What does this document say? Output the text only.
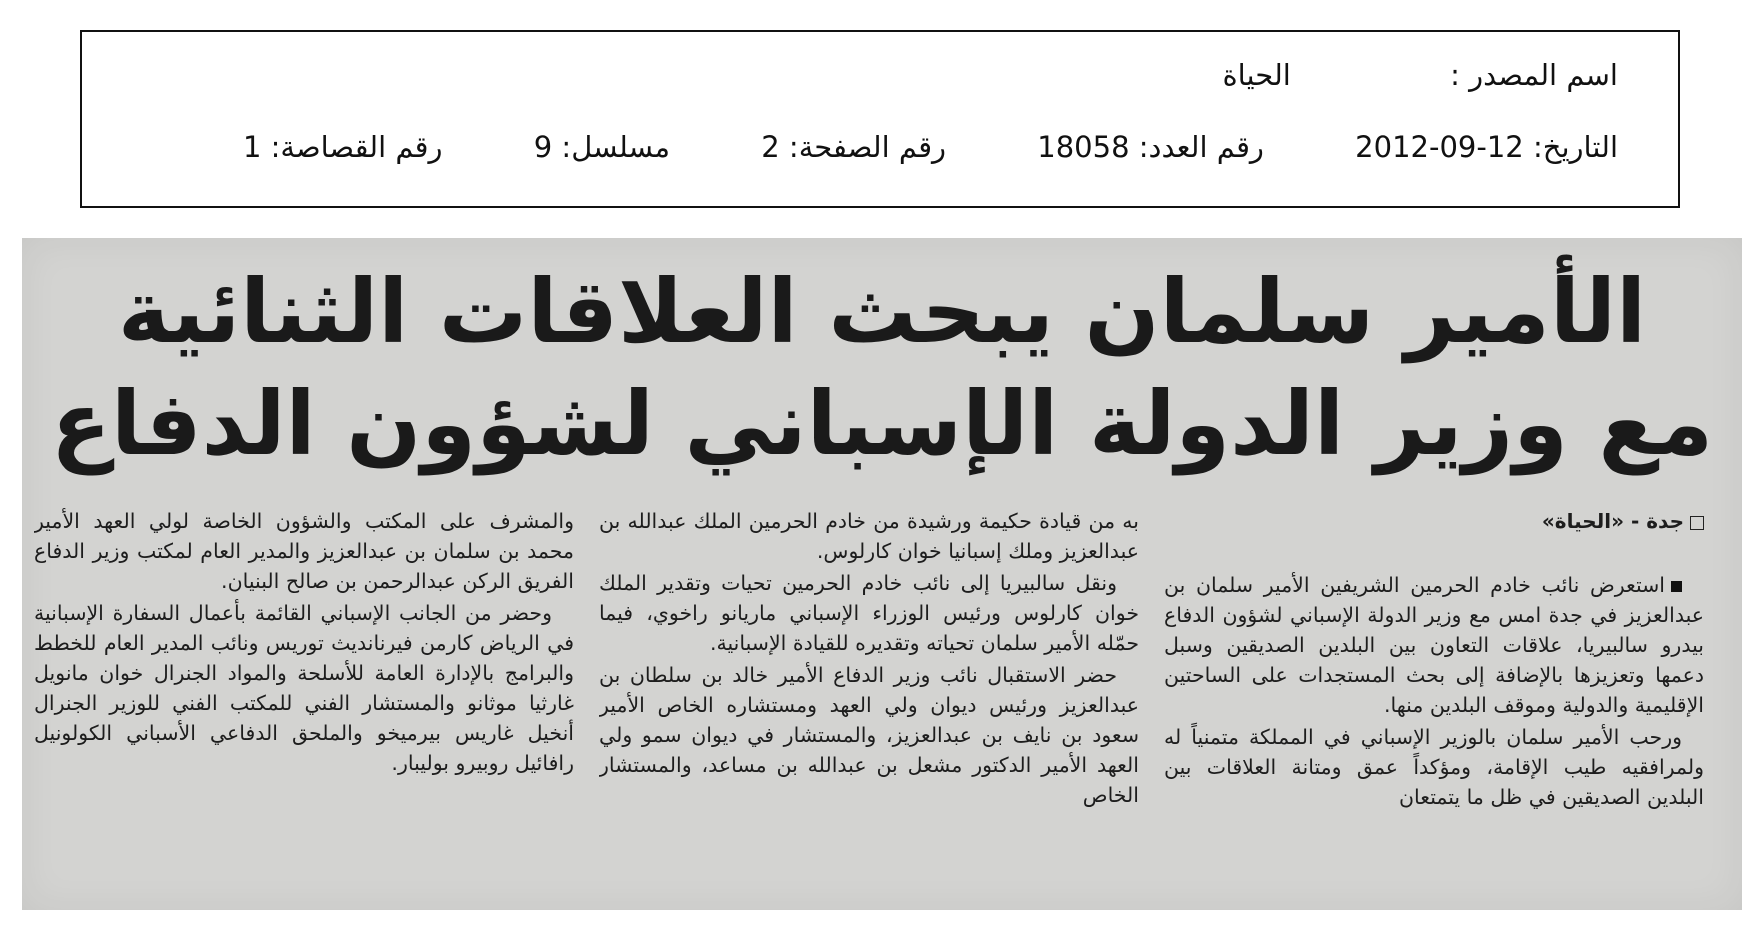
اسم المصدر : الحياة
التاريخ: 12-09-2012 رقم العدد: 18058 رقم الصفحة: 2 مسلسل: 9 رقم القصاصة: 1
الأمير سلمان يبحث العلاقات الثنائية
مع وزير الدولة الإسباني لشؤون الدفاع
جدة - «الحياة»

استعرض نائب خادم الحرمين الشريفين الأمير سلمان بن عبدالعزيز في جدة امس مع وزير الدولة الإسباني لشؤون الدفاع بيدرو سالبيريا، علاقات التعاون بين البلدين الصديقين وسبل دعمها وتعزيزها بالإضافة إلى بحث المستجدات على الساحتين الإقليمية والدولية وموقف البلدين منها.

ورحب الأمير سلمان بالوزير الإسباني في المملكة متمنياً له ولمرافقيه طيب الإقامة، ومؤكداً عمق ومتانة العلاقات بين البلدين الصديقين في ظل ما يتمتعان

به من قيادة حكيمة ورشيدة من خادم الحرمين الملك عبدالله بن عبدالعزيز وملك إسبانيا خوان كارلوس.

ونقل سالبيريا إلى نائب خادم الحرمين تحيات وتقدير الملك خوان كارلوس ورئيس الوزراء الإسباني ماريانو راخوي، فيما حمّله الأمير سلمان تحياته وتقديره للقيادة الإسبانية.

حضر الاستقبال نائب وزير الدفاع الأمير خالد بن سلطان بن عبدالعزيز ورئيس ديوان ولي العهد ومستشاره الخاص الأمير سعود بن نايف بن عبدالعزيز، والمستشار في ديوان سمو ولي العهد الأمير الدكتور مشعل بن عبدالله بن مساعد، والمستشار الخاص

والمشرف على المكتب والشؤون الخاصة لولي العهد الأمير محمد بن سلمان بن عبدالعزيز والمدير العام لمكتب وزير الدفاع الفريق الركن عبدالرحمن بن صالح البنيان.

وحضر من الجانب الإسباني القائمة بأعمال السفارة الإسبانية في الرياض كارمن فيرنانديث توريس ونائب المدير العام للخطط والبرامج بالإدارة العامة للأسلحة والمواد الجنرال خوان مانويل غارثيا موثانو والمستشار الفني للمكتب الفني للوزير الجنرال أنخيل غاريس بيرميخو والملحق الدفاعي الأسباني الكولونيل رافائيل روبيرو بوليبار.
